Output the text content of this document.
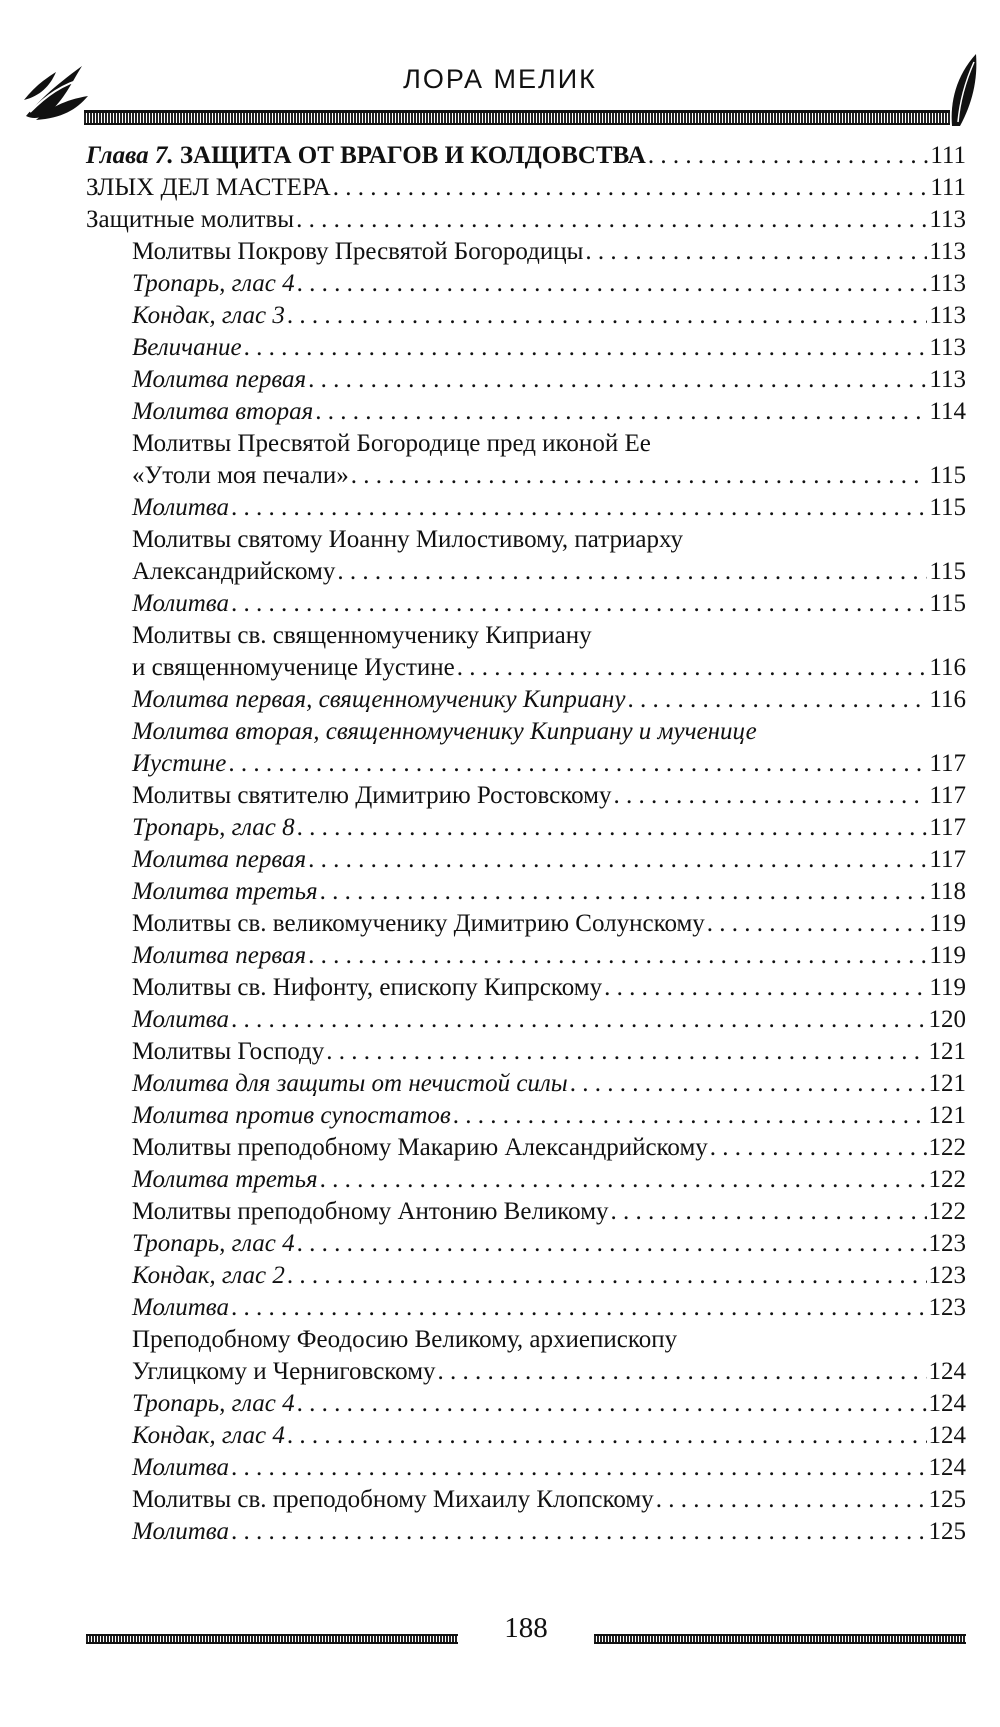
ЛОРА МЕЛИК
Глава 7. ЗАЩИТА ОТ ВРАГОВ И КОЛДОВСТВА . . .	111
ЗЛЫХ ДЕЛ МАСТЕРА . . .	111
Защитные молитвы . . .	113
Молитвы Покрову Пресвятой Богородицы . . .	113
Тропарь, глас 4 . . .	113
Кондак, глас 3 . . .	113
Величание . . .	113
Молитва первая . . .	113
Молитва вторая . . .	114
Молитвы Пресвятой Богородице пред иконой Ее
«Утоли моя печали» . . .	115
Молитва . . .	115
Молитвы святому Иоанну Милостивому, патриарху
Александрийскому . . .	115
Молитва . . .	115
Молитвы св. священномученику Киприану
и священномученице Иустине . . .	116
Молитва первая, священномученику Киприану . . .	116
Молитва вторая, священномученику Киприану и мученице
Иустине . . .	117
Молитвы святителю Димитрию Ростовскому . . .	117
Тропарь, глас 8 . . .	117
Молитва первая . . .	117
Молитва третья . . .	118
Молитвы св. великомученику Димитрию Солунскому . . .	119
Молитва первая . . .	119
Молитвы св. Нифонту, епископу Кипрскому . . .	119
Молитва . . .	120
Молитвы Господу . . .	121
Молитва для защиты от нечистой силы . . .	121
Молитва против супостатов . . .	121
Молитвы преподобному Макарию Александрийскому . . .	122
Молитва третья . . .	122
Молитвы преподобному Антонию Великому . . .	122
Тропарь, глас 4 . . .	123
Кондак, глас 2 . . .	123
Молитва . . .	123
Преподобному Феодосию Великому, архиепископу
Углицкому и Черниговскому . . .	124
Тропарь, глас 4 . . .	124
Кондак, глас 4 . . .	124
Молитва . . .	124
Молитвы св. преподобному Михаилу Клопскому . . .	125
Молитва . . .	125
188
